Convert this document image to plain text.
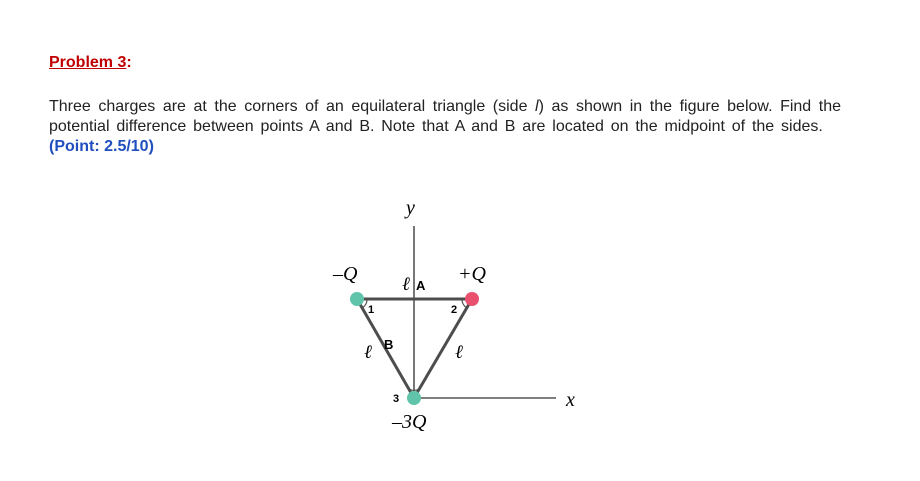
Problem 3:

Three charges are at the corners of an equilateral triangle (side l) as shown in the figure below. Find the potential difference between points A and B. Note that A and B are located on the midpoint of the sides.    (Point: 2.5/10)

y
x
–Q	+Q
–3Q
1	2
3
A
B
ℓ
ℓ	ℓ
